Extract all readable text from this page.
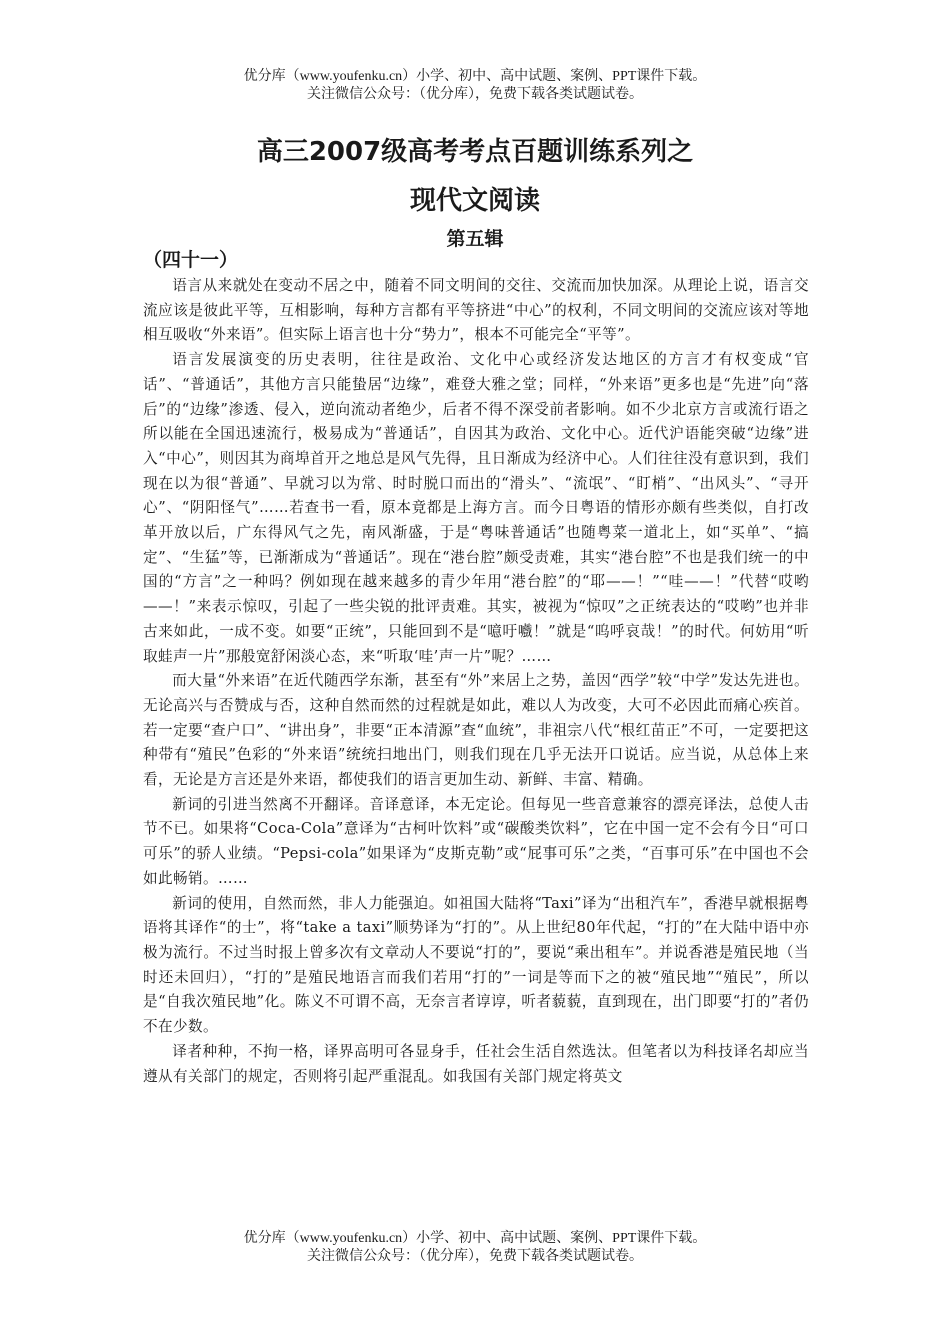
优分库（www.youfenku.cn）小学、初中、高中试题、案例、PPT课件下载。
关注微信公众号：（优分库），免费下载各类试题试卷。
高三2007级高考考点百题训练系列之
现代文阅读
第五辑
（四十一）

语言从来就处在变动不居之中，随着不同文明间的交往、交流而加快加深。从理论上说，语言交流应该是彼此平等，互相影响，每种方言都有平等挤进“中心”的权利，不同文明间的交流应该对等地相互吸收“外来语”。但实际上语言也十分“势力”，根本不可能完全“平等”。

语言发展演变的历史表明，往往是政治、文化中心或经济发达地区的方言才有权变成“官话”、“普通话”，其他方言只能蛰居“边缘”，难登大雅之堂；同样，“外来语”更多也是“先进”向“落后”的“边缘”渗透、侵入，逆向流动者绝少，后者不得不深受前者影响。如不少北京方言或流行语之所以能在全国迅速流行，极易成为“普通话”，自因其为政治、文化中心。近代沪语能突破“边缘”进入“中心”，则因其为商埠首开之地总是风气先得，且日渐成为经济中心。人们往往没有意识到，我们现在以为很“普通”、早就习以为常、时时脱口而出的“滑头”、“流氓”、“盯梢”、“出风头”、“寻开心”、“阴阳怪气”……若查书一看，原本竟都是上海方言。而今日粤语的情形亦颇有些类似，自打改革开放以后，广东得风气之先，南风渐盛，于是“粤味普通话”也随粤菜一道北上，如“买单”、“搞定”、“生猛”等，已渐渐成为“普通话”。现在“港台腔”颇受责难，其实“港台腔”不也是我们统一的中国的“方言”之一种吗？例如现在越来越多的青少年用“港台腔”的“耶——！”“哇——！”代替“哎哟——！”来表示惊叹，引起了一些尖锐的批评责难。其实，被视为“惊叹”之正统表达的“哎哟”也并非古来如此，一成不变。如要“正统”，只能回到不是“噫吁嚱！”就是“呜呼哀哉！”的时代。何妨用“听取蛙声一片”那般宽舒闲淡心态，来“听取‘哇’声一片”呢？……

而大量“外来语”在近代随西学东渐，甚至有“外”来居上之势，盖因“西学”较“中学”发达先进也。无论高兴与否赞成与否，这种自然而然的过程就是如此，难以人为改变，大可不必因此而痛心疾首。若一定要“查户口”、“讲出身”，非要“正本清源”查“血统”，非祖宗八代“根红苗正”不可，一定要把这种带有“殖民”色彩的“外来语”统统扫地出门，则我们现在几乎无法开口说话。应当说，从总体上来看，无论是方言还是外来语，都使我们的语言更加生动、新鲜、丰富、精确。

新词的引进当然离不开翻译。音译意译，本无定论。但每见一些音意兼容的漂亮译法，总使人击节不已。如果将“Coca-Cola”意译为“古柯叶饮料”或“碳酸类饮料”，它在中国一定不会有今日“可口可乐”的骄人业绩。“Pepsi-cola”如果译为“皮斯克勒”或“屁事可乐”之类，“百事可乐”在中国也不会如此畅销。……

新词的使用，自然而然，非人力能强迫。如祖国大陆将“Taxi”译为“出租汽车”，香港早就根据粤语将其译作“的士”，将“take a taxi”顺势译为“打的”。从上世纪80年代起，“打的”在大陆中语中亦极为流行。不过当时报上曾多次有文章动人不要说“打的”，要说“乘出租车”。并说香港是殖民地（当时还未回归），“打的”是殖民地语言而我们若用“打的”一词是等而下之的被“殖民地”“殖民”，所以是“自我次殖民地”化。陈义不可谓不高，无奈言者谆谆，听者藐藐，直到现在，出门即要“打的”者仍不在少数。

译者种种，不拘一格，译界高明可各显身手，任社会生活自然选汰。但笔者以为科技译名却应当遵从有关部门的规定，否则将引起严重混乱。如我国有关部门规定将英文

优分库（www.youfenku.cn）小学、初中、高中试题、案例、PPT课件下载。
关注微信公众号：（优分库），免费下载各类试题试卷。
